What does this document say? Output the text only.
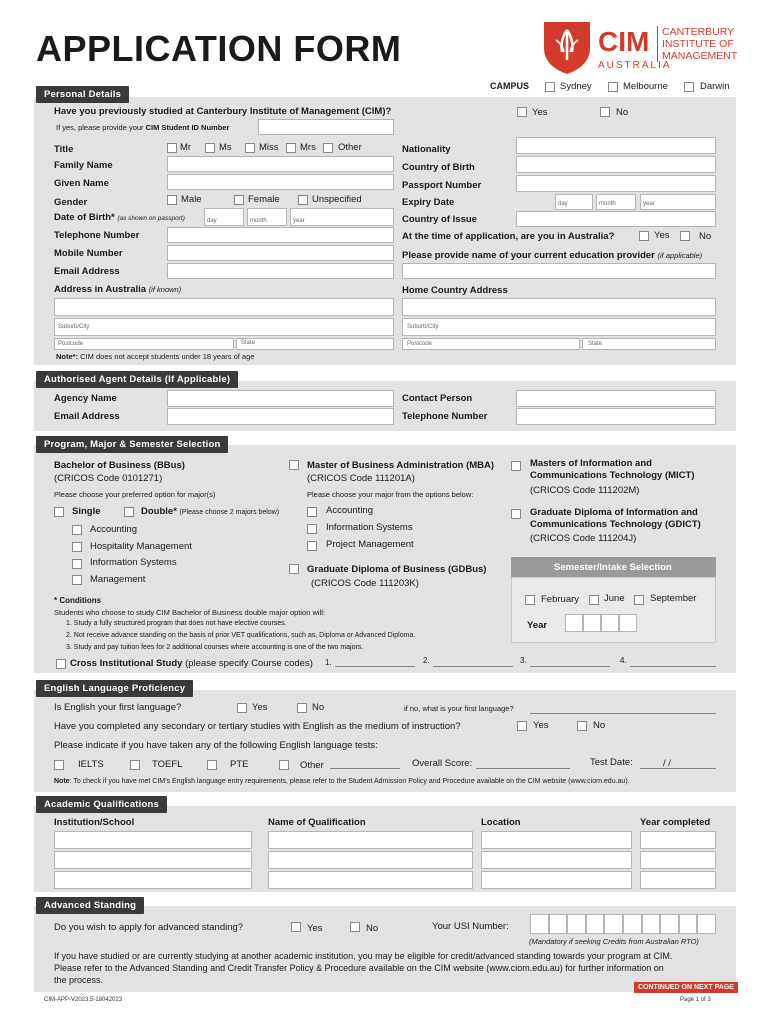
APPLICATION FORM	CIM
AUSTRALIA
CANTERBURY
INSTITUTE OF
MANAGEMENT
CAMPUS	Sydney	Melbourne	Darwin
Personal Details
Have you previously studied at Canterbury Institute of Management (CIM)?	Yes	No
If yes, please provide your CIM Student ID Number
Title	Mr	Ms	Miss Mrs Other
Family Name
Given Name
Gender	Male	Female	Unspecified
Date of Birth* (as shown on passport)	day	month	year
Telephone Number
Mobile Number
Email Address
Address in Australia (if known)
Suburb/City
Postcode	State
Note*: CIM does not accept students under 18 years of age
Nationality
Country of Birth
Passport Number
Expiry Date	day	month	year
Country of Issue
At the time of application, are you in Australia?	Yes	No
Please provide name of your current education provider (if applicable)
Home Country Address
Suburb/City
Postcode	State
Authorised Agent Details (If Applicable)
Agency Name
Email Address
Contact Person
Telephone Number
Program, Major & Semester Selection
Bachelor of Business (BBus)
(CRICOS Code 0101271)
Please choose your preferred option for major(s)
Single	Double* (Please choose 2 majors below)
Accounting
Hospitality Management
Information Systems
Management
Master of Business Administration (MBA)
(CRICOS Code 111201A)
Please choose your major from the options below:
Accounting
Information Systems
Project Management
Graduate Diploma of Business (GDBus)
(CRICOS Code 111203K)
Masters of Information and
Communications Technology (MICT)
(CRICOS Code 111202M)
Graduate Diploma of Information and
Communications Technology (GDICT)
(CRICOS Code 111204J)
Semester/Intake Selection
February	June	September
Year
* Conditions
Students who choose to study CIM Bachelor of Business double major option will:
1. Study a fully structured program that does not have elective courses.
2. Not receive advance standing on the basis of prior VET qualifications, such as, Diploma or Advanced Diploma.
3. Study and pay tuition fees for 2 additional courses where accounting is one of the two majors.
Cross Institutional Study (please specify Course codes) 1.	2.	3.	4.
English Language Proficiency
Is English your first language?	Yes	No	if no, what is your first language?
Have you completed any secondary or tertiary studies with English as the medium of instruction?	Yes	No
Please indicate if you have taken any of the following English language tests:
IELTS	TOEFL	PTE	Other	Overall Score:	Test Date:	/ /
Note: To check if you have met CIM’s English language entry requirements, please refer to the Student Admission Policy and Procedure available on the CIM website (www.ciom.edu.au).
Academic Qualifications
Institution/School	Name of Qualification	Location	Year completed
Advanced Standing
Do you wish to apply for advanced standing?	Yes	No	Your USI Number:
(Mandatory if seeking Credits from Australian RTO)
If you have studied or are currently studying at another academic institution, you may be eligible for credit/advanced standing towards your program at CIM.
Please refer to the Advanced Standing and Credit Transfer Policy & Procedure available on the CIM website (www.ciom.edu.au) for further information on
the process.
CIM-APP-V2023.5-18042023
CONTINUED ON NEXT PAGE
Page 1 of 3
